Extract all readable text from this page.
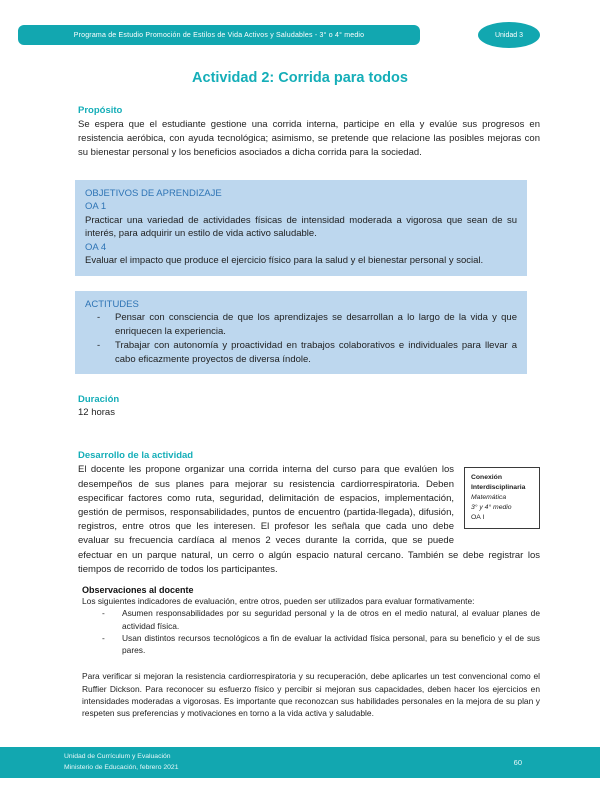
Programa de Estudio Promoción de Estilos de Vida Activos y Saludables - 3° o 4° medio	Unidad 3
Actividad 2: Corrida para todos
Propósito

Se espera que el estudiante gestione una corrida interna, participe en ella y evalúe sus progresos en resistencia aeróbica, con ayuda tecnológica; asimismo, se pretende que relacione las posibles mejoras con su bienestar personal y los beneficios asociados a dicha corrida para la sociedad.

OBJETIVOS DE APRENDIZAJE
OA 1

Practicar una variedad de actividades físicas de intensidad moderada a vigorosa que sean de su interés, para adquirir un estilo de vida activo saludable.

OA 4

Evaluar el impacto que produce el ejercicio físico para la salud y el bienestar personal y social.

ACTITUDES
- Pensar con consciencia de que los aprendizajes se desarrollan a lo largo de la vida y que enriquecen la experiencia.
- Trabajar con autonomía y proactividad en trabajos colaborativos e individuales para llevar a cabo eficazmente proyectos de diversa índole.
Duración
12 horas
Desarrollo de la actividad
Conexión Interdisciplinaria
Matemática
3° y 4° medio
OA I

El docente les propone organizar una corrida interna del curso para que evalúen los desempeños de sus planes para mejorar su resistencia cardiorrespiratoria. Deben especificar factores como ruta, seguridad, delimitación de espacios, implementación, gestión de permisos, responsabilidades, puntos de encuentro (partida-llegada), difusión, registros, entre otros que les interesen. El profesor les señala que cada uno debe evaluar su frecuencia cardíaca al menos 2 veces durante la corrida, que se puede efectuar en un parque natural, un cerro o algún espacio natural cercano. También se debe registrar los tiempos de recorrido de todos los participantes.

Observaciones al docente

Los siguientes indicadores de evaluación, entre otros, pueden ser utilizados para evaluar formativamente:

- Asumen responsabilidades por su seguridad personal y la de otros en el medio natural, al evaluar planes de actividad física.
- Usan distintos recursos tecnológicos a fin de evaluar la actividad física personal, para su beneficio y el de sus pares.

Para verificar si mejoran la resistencia cardiorrespiratoria y su recuperación, debe aplicarles un test convencional como el Ruffier Dickson. Para reconocer su esfuerzo físico y percibir si mejoran sus capacidades, deben hacer los ejercicios en intensidades moderadas a vigorosas. Es importante que reconozcan sus habilidades personales en la mejora de su plan y respeten sus preferencias y motivaciones en torno a la vida activa y saludable.

Unidad de Currículum y Evaluación
Ministerio de Educación, febrero 2021	60
